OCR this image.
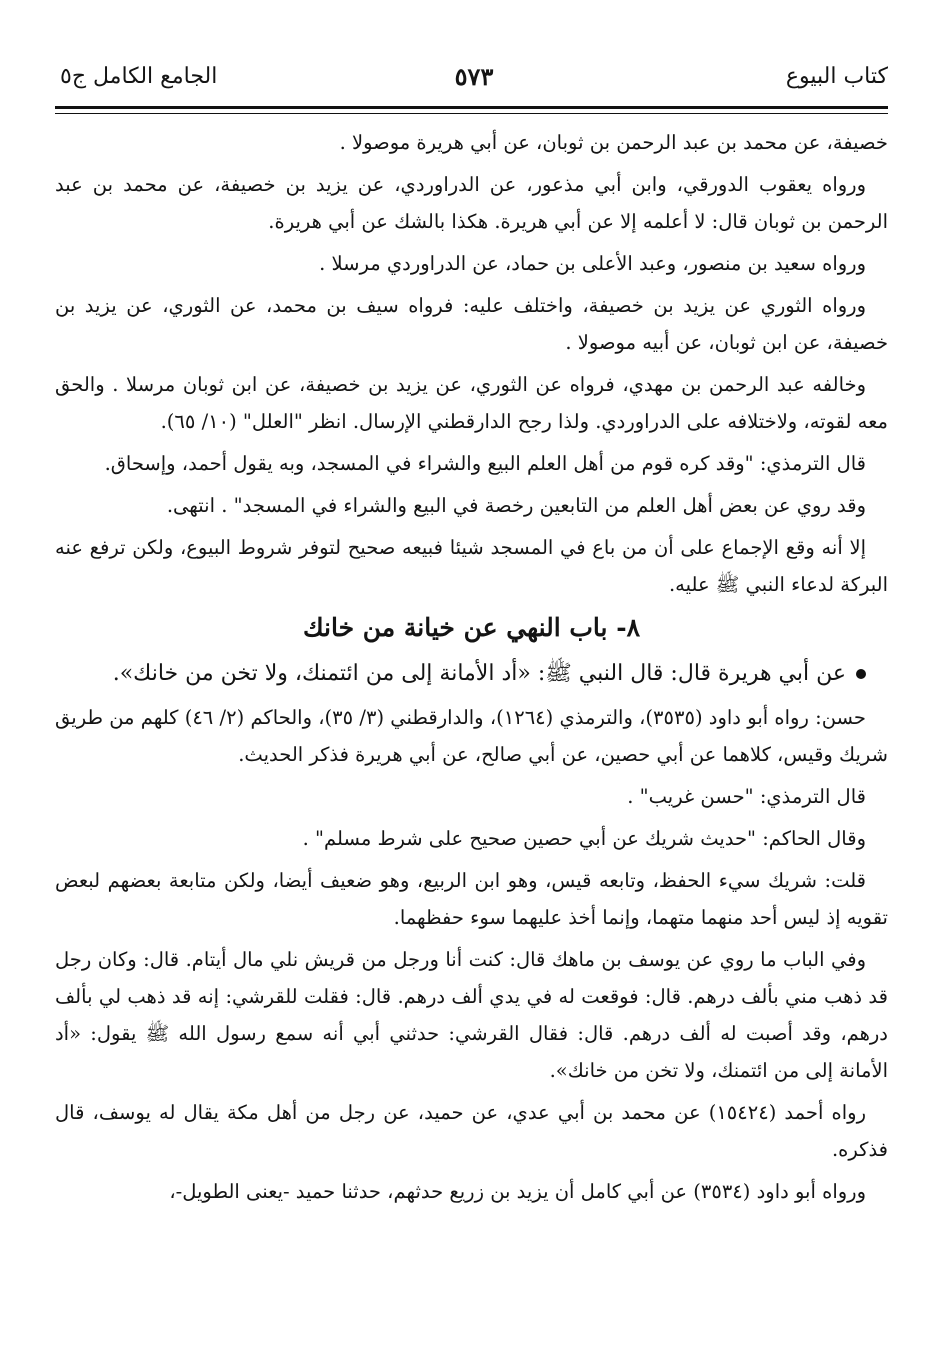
كتاب البيوع
٥٧٣
الجامع الكامل ج٥

خصيفة، عن محمد بن عبد الرحمن بن ثوبان، عن أبي هريرة موصولا .

ورواه يعقوب الدورقي، وابن أبي مذعور، عن الدراوردي، عن يزيد بن خصيفة، عن محمد بن عبد الرحمن بن ثوبان قال: لا أعلمه إلا عن أبي هريرة. هكذا بالشك عن أبي هريرة.

ورواه سعيد بن منصور، وعبد الأعلى بن حماد، عن الدراوردي مرسلا .

ورواه الثوري عن يزيد بن خصيفة، واختلف عليه: فرواه سيف بن محمد، عن الثوري، عن يزيد بن خصيفة، عن ابن ثوبان، عن أبيه موصولا .

وخالفه عبد الرحمن بن مهدي، فرواه عن الثوري، عن يزيد بن خصيفة، عن ابن ثوبان مرسلا . والحق معه لقوته، ولاختلافه على الدراوردي. ولذا رجح الدارقطني الإرسال. انظر "العلل" (١٠/ ٦٥).

قال الترمذي: "وقد كره قوم من أهل العلم البيع والشراء في المسجد، وبه يقول أحمد، وإسحاق.

وقد روي عن بعض أهل العلم من التابعين رخصة في البيع والشراء في المسجد" . انتهى.

إلا أنه وقع الإجماع على أن من باع في المسجد شيئا فبيعه صحيح لتوفر شروط البيوع، ولكن ترفع عنه البركة لدعاء النبي ﷺ عليه.

٨- باب النهي عن خيانة من خانك

عن أبي هريرة قال: قال النبي ﷺ: «أد الأمانة إلى من ائتمنك، ولا تخن من خانك».

حسن: رواه أبو داود (٣٥٣٥)، والترمذي (١٢٦٤)، والدارقطني (٣/ ٣٥)، والحاكم (٢/ ٤٦) كلهم من طريق شريك وقيس، كلاهما عن أبي حصين، عن أبي صالح، عن أبي هريرة فذكر الحديث.

قال الترمذي: "حسن غريب" .

وقال الحاكم: "حديث شريك عن أبي حصين صحيح على شرط مسلم" .

قلت: شريك سيء الحفظ، وتابعه قيس، وهو ابن الربيع، وهو ضعيف أيضا، ولكن متابعة بعضهم لبعض تقويه إذ ليس أحد منهما متهما، وإنما أخذ عليهما سوء حفظهما.

وفي الباب ما روي عن يوسف بن ماهك قال: كنت أنا ورجل من قريش نلي مال أيتام. قال: وكان رجل قد ذهب مني بألف درهم. قال: فوقعت له في يدي ألف درهم. قال: فقلت للقرشي: إنه قد ذهب لي بألف درهم، وقد أصبت له ألف درهم. قال: فقال القرشي: حدثني أبي أنه سمع رسول الله ﷺ يقول: «أد الأمانة إلى من ائتمنك، ولا تخن من خانك».

رواه أحمد (١٥٤٢٤) عن محمد بن أبي عدي، عن حميد، عن رجل من أهل مكة يقال له يوسف، قال فذكره.

ورواه أبو داود (٣٥٣٤) عن أبي كامل أن يزيد بن زريع حدثهم، حدثنا حميد -يعنى الطويل-،
